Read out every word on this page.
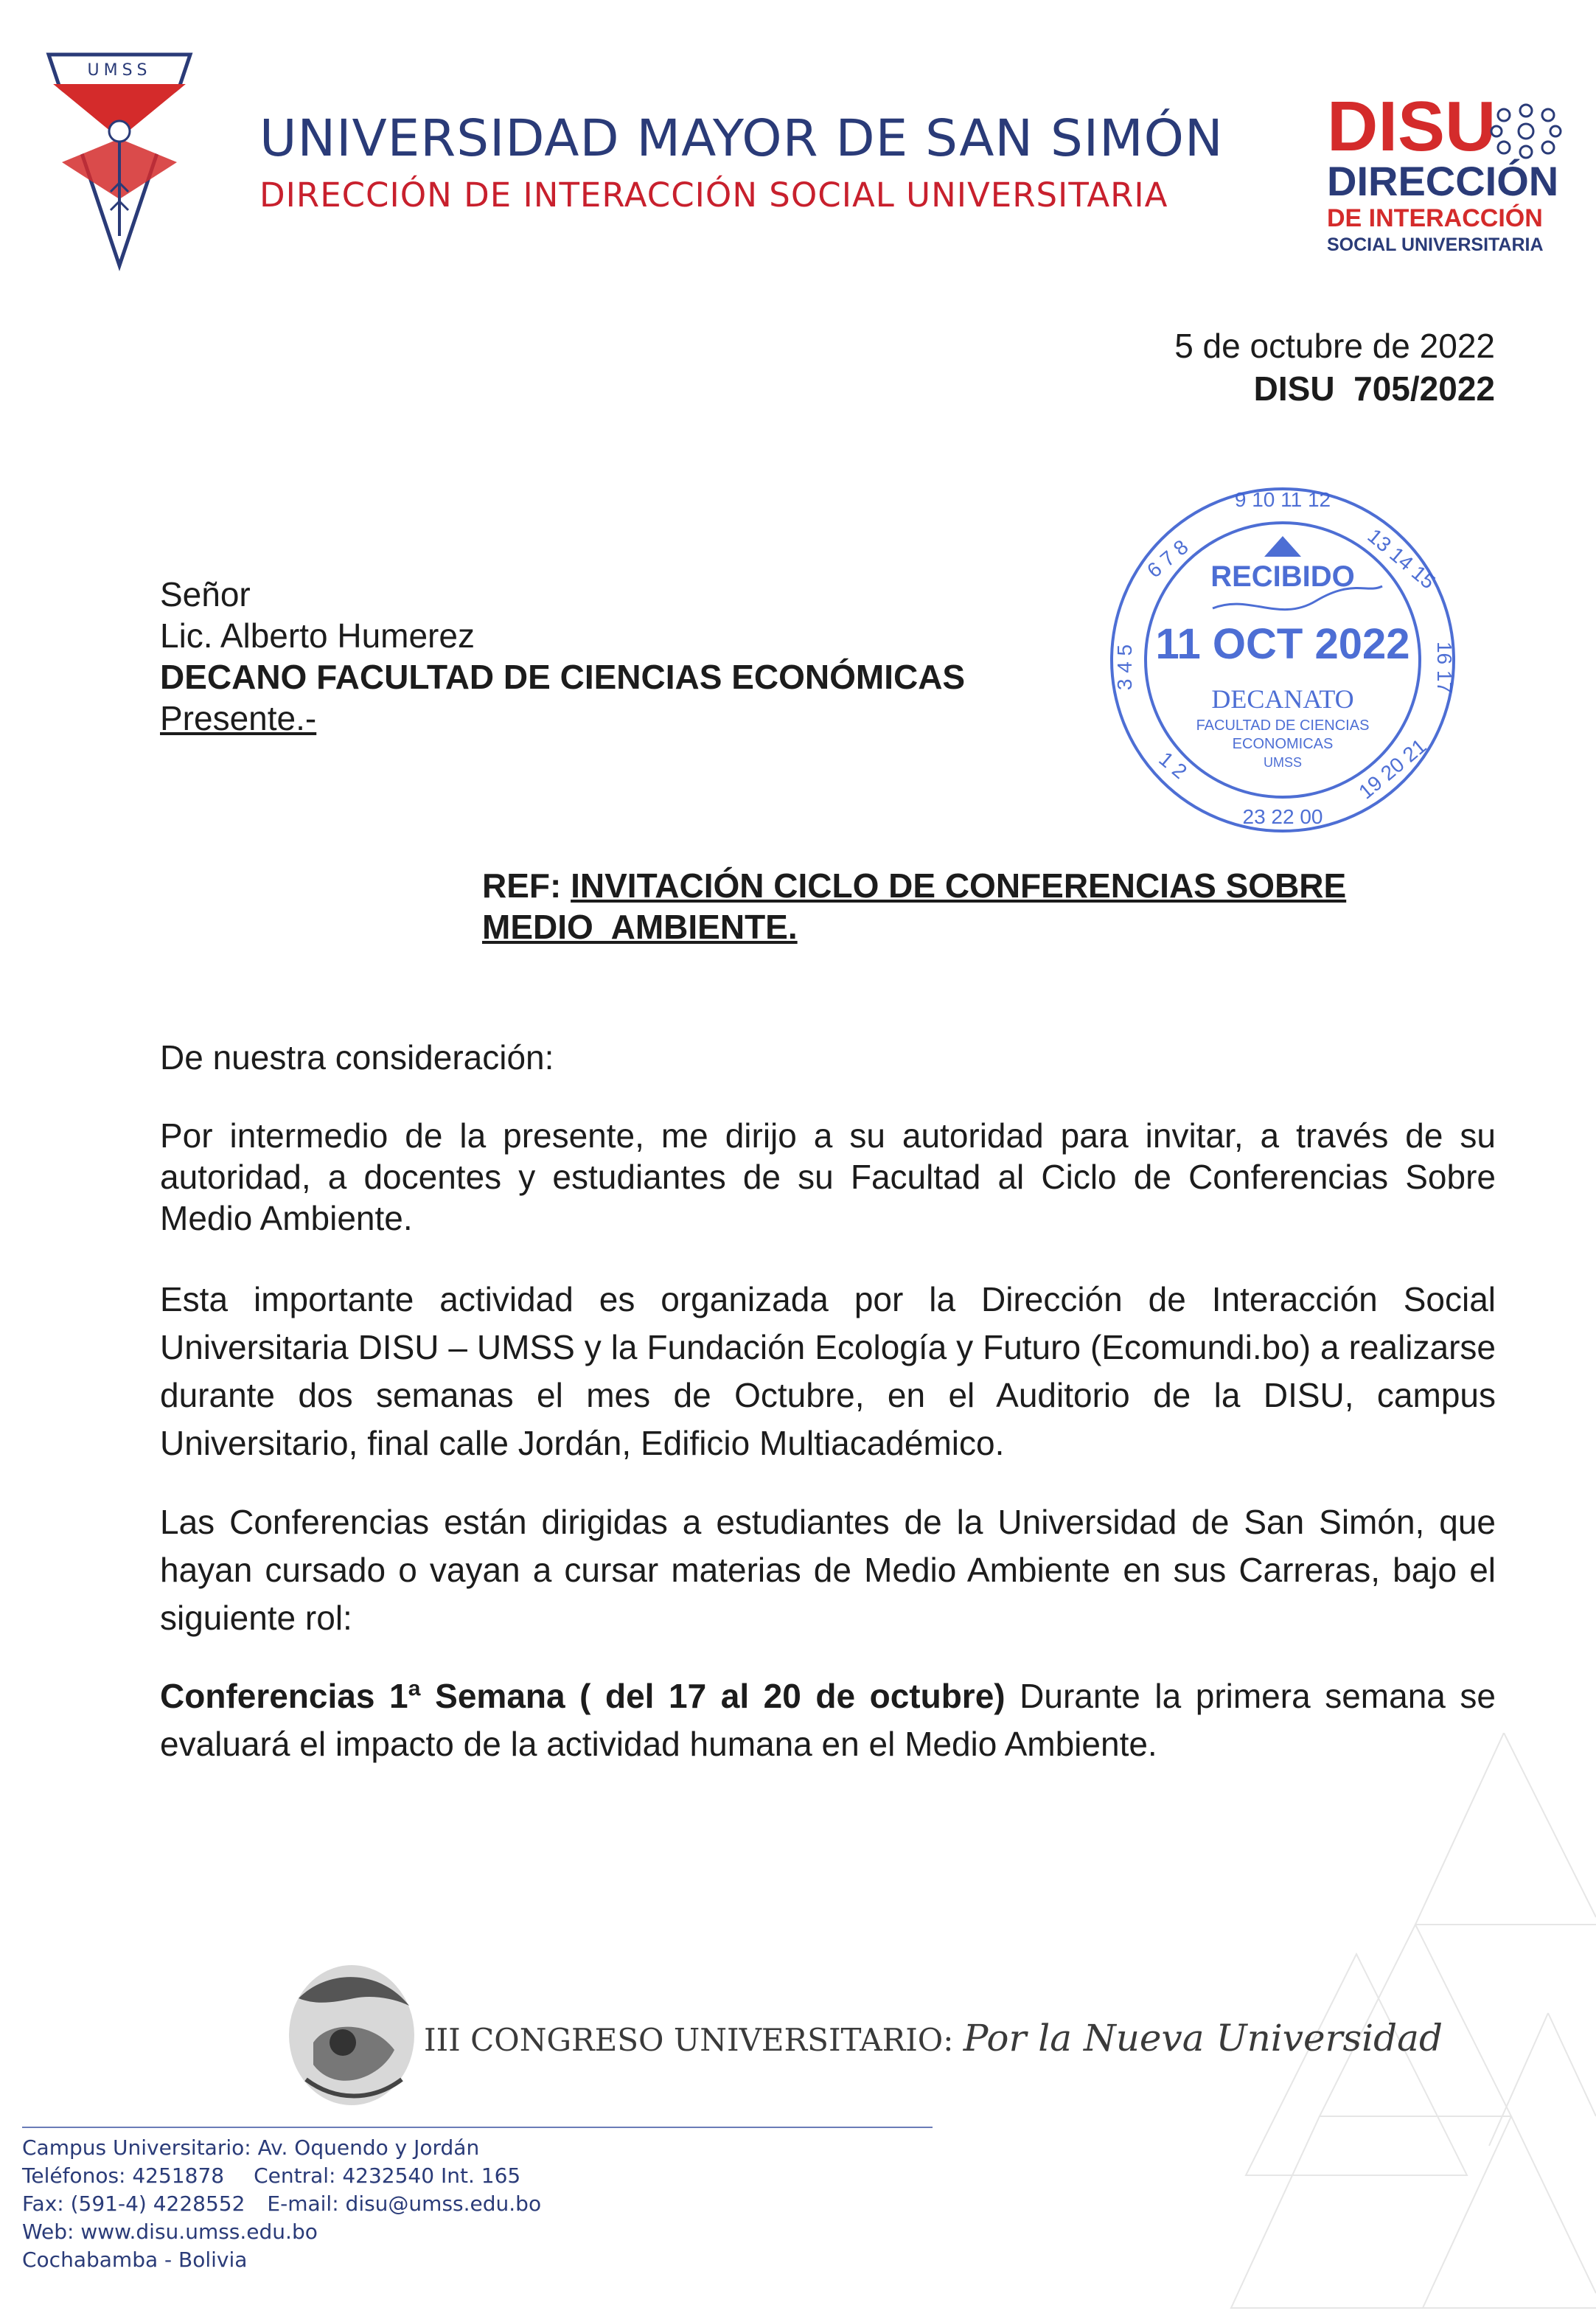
UMSS
UNIVERSIDAD MAYOR DE SAN SIMÓN
DIRECCIÓN DE INTERACCIÓN SOCIAL UNIVERSITARIA
DISU
DIRECCIÓN
DE INTERACCIÓN
SOCIAL UNIVERSITARIA
5 de octubre de 2022
DISU  705/2022
9 10 11 12
6 7 8	13 14 15
3 4 5	16 17
1 2	19 20 21
23 22 00
RECIBIDO
11 OCT 2022
DECANATO
FACULTAD DE CIENCIAS
ECONOMICAS
UMSS
Señor
Lic. Alberto Humerez
DECANO FACULTAD DE CIENCIAS ECONÓMICAS
Presente.-
REF: INVITACIÓN CICLO DE CONFERENCIAS SOBRE
MEDIO  AMBIENTE.
De nuestra consideración:
Por intermedio de la presente, me dirijo a su autoridad para invitar, a través de su autoridad, a docentes y estudiantes de su Facultad al Ciclo de Conferencias Sobre Medio Ambiente.
Esta importante actividad es organizada por la Dirección de Interacción Social Universitaria DISU – UMSS y la Fundación Ecología y Futuro (Ecomundi.bo) a realizarse durante dos semanas el mes de Octubre, en el Auditorio de la DISU, campus Universitario, final calle Jordán, Edificio Multiacadémico.
Las Conferencias están dirigidas a estudiantes de la Universidad de San Simón, que hayan cursado o vayan a cursar materias de Medio Ambiente en sus Carreras, bajo el siguiente rol:
Conferencias 1ª Semana ( del 17 al 20 de octubre) Durante la primera semana se evaluará el impacto de la actividad humana en el Medio Ambiente.
III CONGRESO UNIVERSITARIO: Por la Nueva Universidad
Campus Universitario: Av. Oquendo y Jordán
Teléfonos: 4251878 Central: 4232540 Int. 165
Fax: (591-4) 4228552 E-mail: disu@umss.edu.bo
Web: www.disu.umss.edu.bo
Cochabamba - Bolivia
